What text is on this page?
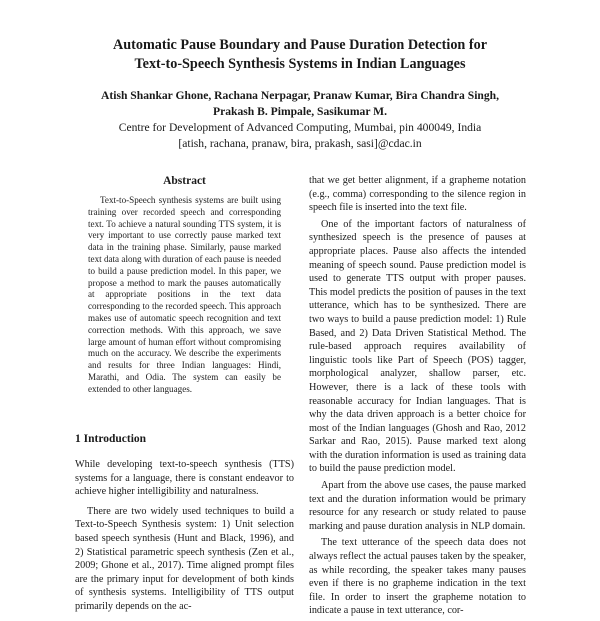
Automatic Pause Boundary and Pause Duration Detection for
Text-to-Speech Synthesis Systems in Indian Languages
Atish Shankar Ghone, Rachana Nerpagar, Pranaw Kumar, Bira Chandra Singh,
Prakash B. Pimpale, Sasikumar M.
Centre for Development of Advanced Computing, Mumbai, pin 400049, India
[atish, rachana, pranaw, bira, prakash, sasi]@cdac.in
Abstract

Text-to-Speech synthesis systems are built using training over recorded speech and corresponding text. To achieve a natural sounding TTS system, it is very important to use correctly pause marked text data in the training phase. Similarly, pause marked text data along with duration of each pause is needed to build a pause prediction model. In this paper, we propose a method to mark the pauses automatically at appropriate positions in the text data corresponding to the recorded speech. This approach makes use of automatic speech recognition and text correction methods. With this approach, we save large amount of human effort without compromising much on the accuracy. We describe the experiments and results for three Indian languages: Hindi, Marathi, and Odia. The system can easily be extended to other languages.

1 Introduction

While developing text-to-speech synthesis (TTS) systems for a language, there is constant endeavor to achieve higher intelligibility and naturalness.

There are two widely used techniques to build a Text-to-Speech Synthesis system: 1) Unit selection based speech synthesis (Hunt and Black, 1996), and 2) Statistical parametric speech synthesis (Zen et al., 2009; Ghone et al., 2017). Time aligned prompt files are the primary input for development of both kinds of synthesis systems. Intelligibility of TTS output primarily depends on the ac-

that we get better alignment, if a grapheme notation (e.g., comma) corresponding to the silence region in speech file is inserted into the text file.

One of the important factors of naturalness of synthesized speech is the presence of pauses at appropriate places. Pause also affects the intended meaning of speech sound. Pause prediction model is used to generate TTS output with proper pauses. This model predicts the position of pauses in the text utterance, which has to be synthesized. There are two ways to build a pause prediction model: 1) Rule Based, and 2) Data Driven Statistical Method. The rule-based approach requires availability of linguistic tools like Part of Speech (POS) tagger, morphological analyzer, shallow parser, etc. However, there is a lack of these tools with reasonable accuracy for Indian languages. That is why the data driven approach is a better choice for most of the Indian languages (Ghosh and Rao, 2012 Sarkar and Rao, 2015). Pause marked text along with the duration information is used as training data to build the pause prediction model.

Apart from the above use cases, the pause marked text and the duration information would be primary resource for any research or study related to pause marking and pause duration analysis in NLP domain.

The text utterance of the speech data does not always reflect the actual pauses taken by the speaker, as while recording, the speaker takes many pauses even if there is no grapheme indication in the text file. In order to insert the grapheme notation to indicate a pause in text utterance, cor-
